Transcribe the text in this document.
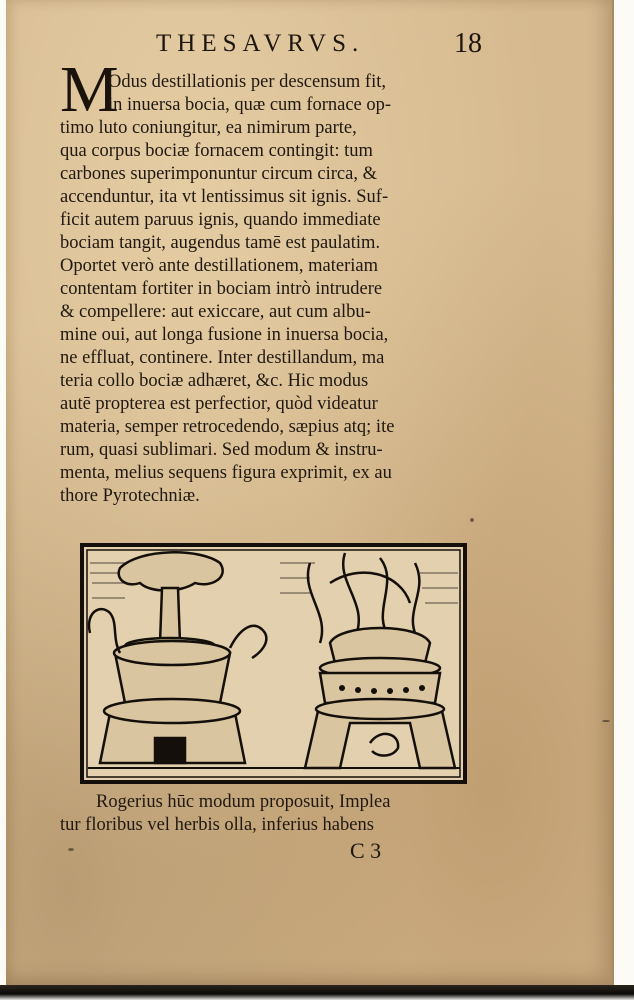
THESAVRVS.	18
M
Odus destillationis per descensum fit,
in inuersa bocia, quæ cum fornace op-
timo luto coniungitur, ea nimirum parte,
qua corpus bociæ fornacem contingit: tum
carbones superimponuntur circum circa, &
accenduntur, ita vt lentissimus sit ignis. Suf-
ficit autem paruus ignis, quando immediate
bociam tangit, augendus tamē est paulatim.
Oportet verò ante destillationem, materiam
contentam fortiter in bociam intrò intrudere
& compellere: aut exiccare, aut cum albu-
mine oui, aut longa fusione in inuersa bocia,
ne effluat, continere. Inter destillandum, ma
teria collo bociæ adhæret, &c. Hic modus
autē propterea est perfectior, quòd videatur
materia, semper retrocedendo, sæpius atq; ite
rum, quasi sublimari. Sed modum & instru-
menta, melius sequens figura exprimit, ex au
thore Pyrotechniæ.
Rogerius hūc modum proposuit, Implea
tur floribus vel herbis olla, inferius habens
C 3
